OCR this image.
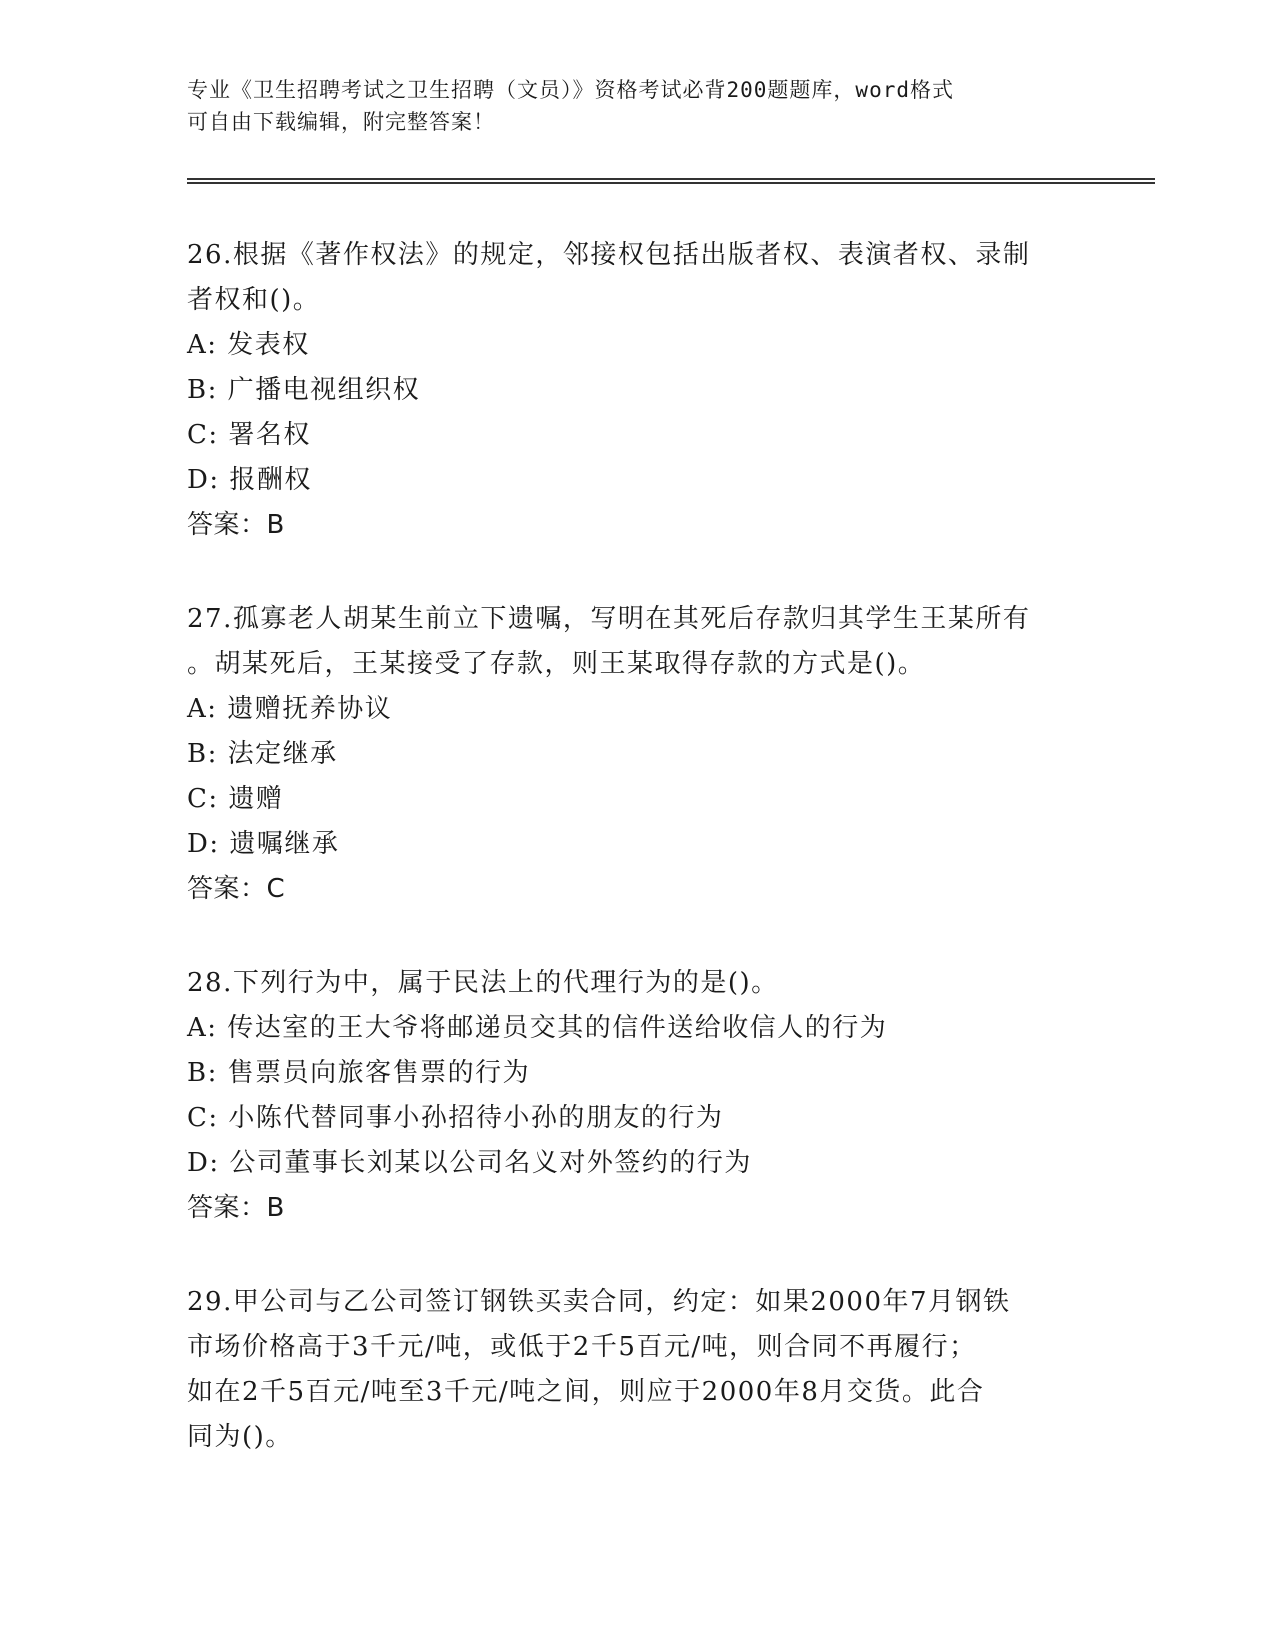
专业《卫生招聘考试之卫生招聘（文员）》资格考试必背200题题库，word格式
可自由下载编辑，附完整答案！

26.根据《著作权法》的规定，邻接权包括出版者权、表演者权、录制

者权和()。

A: 发表权

B: 广播电视组织权

C: 署名权

D: 报酬权

答案：B

27.孤寡老人胡某生前立下遗嘱，写明在其死后存款归其学生王某所有

。胡某死后，王某接受了存款，则王某取得存款的方式是()。

A: 遗赠抚养协议

B: 法定继承

C: 遗赠

D: 遗嘱继承

答案：C

28.下列行为中，属于民法上的代理行为的是()。

A: 传达室的王大爷将邮递员交其的信件送给收信人的行为

B: 售票员向旅客售票的行为

C: 小陈代替同事小孙招待小孙的朋友的行为

D: 公司董事长刘某以公司名义对外签约的行为

答案：B

29.甲公司与乙公司签订钢铁买卖合同，约定：如果2000年7月钢铁

市场价格高于3千元/吨，或低于2千5百元/吨，则合同不再履行；

如在2千5百元/吨至3千元/吨之间，则应于2000年8月交货。此合

同为()。
